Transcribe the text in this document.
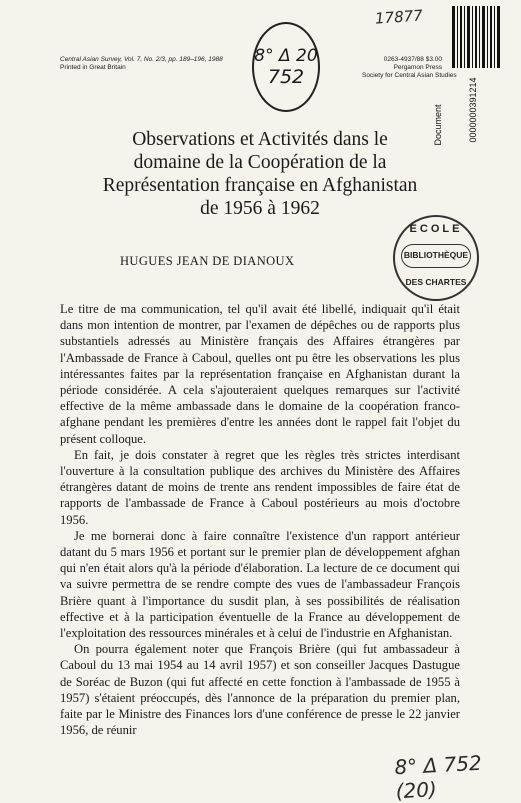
17877
Central Asian Survey, Vol. 7, No. 2/3, pp. 189–196, 1988
Printed in Great Britain
8° Δ 20
752
0263-4937/88 $3.00
Pergamon Press
Society for Central Asian Studies
Document	0000000391214
Observations et Activités dans le
domaine de la Coopération de la
Représentation française en Afghanistan
de 1956 à 1962
HUGUES JEAN DE DIANOUX
ECOLE
BIBLIOTHÈQUE
DES CHARTES

Le titre de ma communication, tel qu'il avait été libellé, indiquait qu'il était dans mon intention de montrer, par l'examen de dépêches ou de rapports plus substantiels adressés au Ministère français des Affaires étrangères par l'Ambassade de France à Caboul, quelles ont pu être les observations les plus intéressantes faites par la représentation française en Afghanistan durant la période considérée. A cela s'ajouteraient quelques remarques sur l'activité effective de la même ambassade dans le domaine de la coopération franco-afghane pendant les premières d'entre les années dont le rappel fait l'objet du présent colloque.

En fait, je dois constater à regret que les règles très strictes interdisant l'ouverture à la consultation publique des archives du Ministère des Affaires étrangères datant de moins de trente ans rendent impossibles de faire état de rapports de l'ambassade de France à Caboul postérieurs au mois d'octobre 1956.

Je me bornerai donc à faire connaître l'existence d'un rapport antérieur datant du 5 mars 1956 et portant sur le premier plan de développement afghan qui n'en était alors qu'à la période d'élaboration. La lecture de ce document qui va suivre permettra de se rendre compte des vues de l'ambassadeur François Brière quant à l'importance du susdit plan, à ses possibilités de réalisation effective et à la participation éventuelle de la France au développement de l'exploitation des ressources minérales et à celui de l'industrie en Afghanistan.

On pourra également noter que François Brière (qui fut ambassadeur à Caboul du 13 mai 1954 au 14 avril 1957) et son conseiller Jacques Dastugue de Soréac de Buzon (qui fut affecté en cette fonction à l'ambassade de 1955 à 1957) s'étaient préoccupés, dès l'annonce de la préparation du premier plan, faite par le Ministre des Finances lors d'une conférence de presse le 22 janvier 1956, de réunir

8° Δ 752 (20)
